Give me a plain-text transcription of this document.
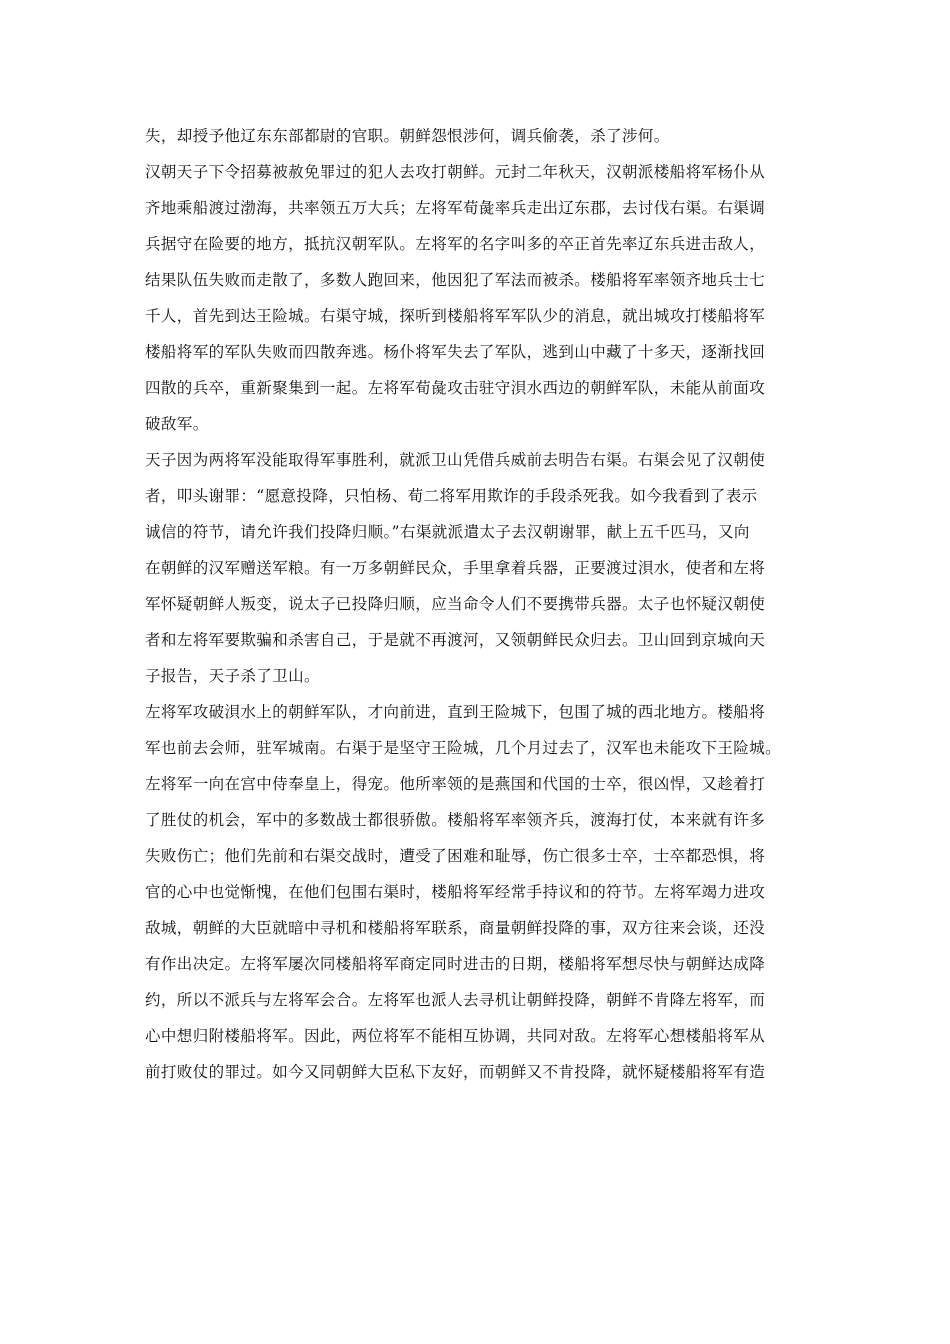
失，却授予他辽东东部都尉的官职。朝鲜怨恨涉何，调兵偷袭，杀了涉何。
汉朝天子下令招募被赦免罪过的犯人去攻打朝鲜。元封二年秋天，汉朝派楼船将军杨仆从
齐地乘船渡过渤海，共率领五万大兵；左将军荀彘率兵走出辽东郡，去讨伐右渠。右渠调
兵据守在险要的地方，抵抗汉朝军队。左将军的名字叫多的卒正首先率辽东兵进击敌人，
结果队伍失败而走散了，多数人跑回来，他因犯了军法而被杀。楼船将军率领齐地兵士七
千人，首先到达王险城。右渠守城，探听到楼船将军军队少的消息，就出城攻打楼船将军
楼船将军的军队失败而四散奔逃。杨仆将军失去了军队，逃到山中藏了十多天，逐渐找回
四散的兵卒，重新聚集到一起。左将军荀彘攻击驻守浿水西边的朝鲜军队，未能从前面攻
破敌军。
天子因为两将军没能取得军事胜利，就派卫山凭借兵威前去明告右渠。右渠会见了汉朝使
者，叩头谢罪：“愿意投降，只怕杨、荀二将军用欺诈的手段杀死我。如今我看到了表示
诚信的符节，请允许我们投降归顺。”右渠就派遣太子去汉朝谢罪，献上五千匹马，又向
在朝鲜的汉军赠送军粮。有一万多朝鲜民众，手里拿着兵器，正要渡过浿水，使者和左将
军怀疑朝鲜人叛变，说太子已投降归顺，应当命令人们不要携带兵器。太子也怀疑汉朝使
者和左将军要欺骗和杀害自己，于是就不再渡河，又领朝鲜民众归去。卫山回到京城向天
子报告，天子杀了卫山。
左将军攻破浿水上的朝鲜军队，才向前进，直到王险城下，包围了城的西北地方。楼船将
军也前去会师，驻军城南。右渠于是坚守王险城，几个月过去了，汉军也未能攻下王险城。
左将军一向在宫中侍奉皇上，得宠。他所率领的是燕国和代国的士卒，很凶悍，又趁着打
了胜仗的机会，军中的多数战士都很骄傲。楼船将军率领齐兵，渡海打仗，本来就有许多
失败伤亡；他们先前和右渠交战时，遭受了困难和耻辱，伤亡很多士卒，士卒都恐惧，将
官的心中也觉惭愧，在他们包围右渠时，楼船将军经常手持议和的符节。左将军竭力进攻
敌城，朝鲜的大臣就暗中寻机和楼船将军联系，商量朝鲜投降的事，双方往来会谈，还没
有作出决定。左将军屡次同楼船将军商定同时进击的日期，楼船将军想尽快与朝鲜达成降
约，所以不派兵与左将军会合。左将军也派人去寻机让朝鲜投降，朝鲜不肯降左将军，而
心中想归附楼船将军。因此，两位将军不能相互协调，共同对敌。左将军心想楼船将军从
前打败仗的罪过。如今又同朝鲜大臣私下友好，而朝鲜又不肯投降，就怀疑楼船将军有造
